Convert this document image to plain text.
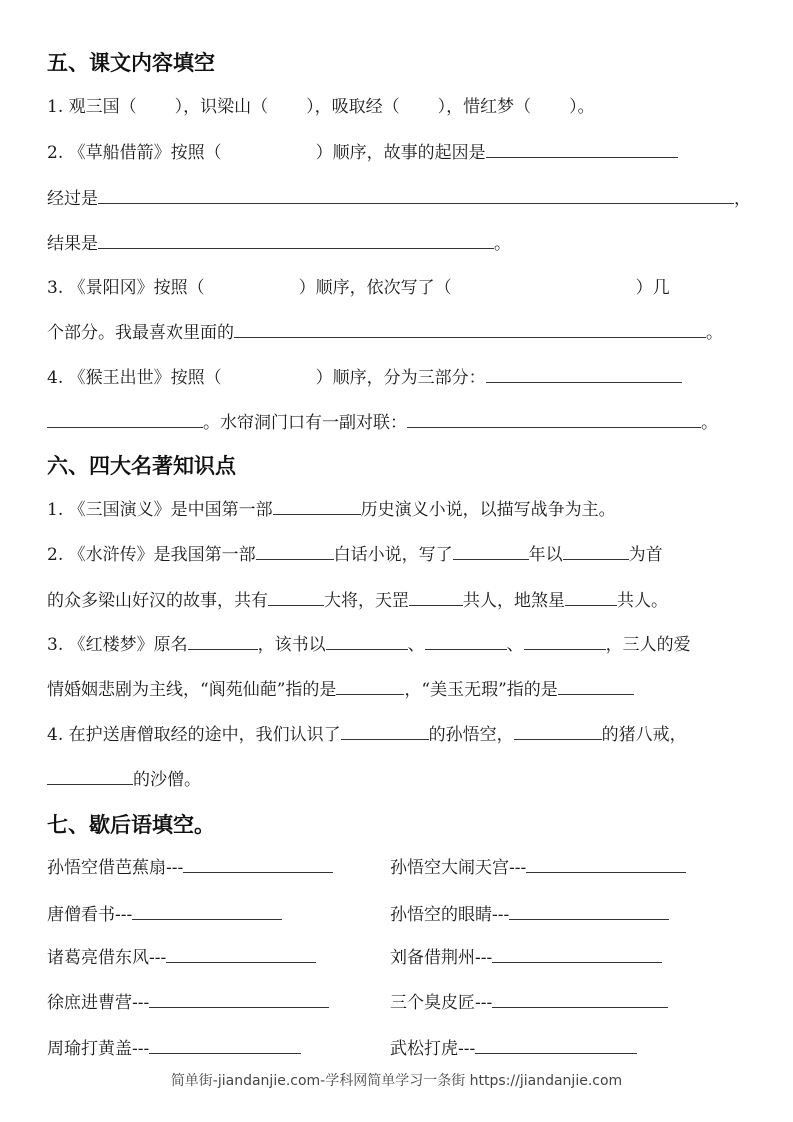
五、课文内容填空
1. 观三国（ ），识梁山（ ），吸取经（ ），惜红梦（ ）。
2. 《草船借箭》按照（	）顺序，故事的起因是
经过是	，
结果是	。
3. 《景阳冈》按照（	）顺序，依次写了（	）几
个部分。我最喜欢里面的	。
4. 《猴王出世》按照（	）顺序，分为三部分：
。水帘洞门口有一副对联：	。
六、四大名著知识点
1. 《三国演义》是中国第一部	历史演义小说，以描写战争为主。
2. 《水浒传》是我国第一部	白话小说，写了	年以	为首
的众多梁山好汉的故事，共有	大将，天罡	共人，地煞星	共人。
3. 《红楼梦》原名	，该书以	、	、	，三人的爱
情婚姻悲剧为主线，“阆苑仙葩”指的是	，“美玉无瑕”指的是
4. 在护送唐僧取经的途中，我们认识了	的孙悟空，	的猪八戒，
的沙僧。
七、歇后语填空。
孙悟空借芭蕉扇---	孙悟空大闹天宫---
唐僧看书---	孙悟空的眼睛---
诸葛亮借东风---	刘备借荆州---
徐庶进曹营---	三个臭皮匠---
周瑜打黄盖---	武松打虎---
简单街-jiandanjie.com-学科网简单学习一条街 https://jiandanjie.com
